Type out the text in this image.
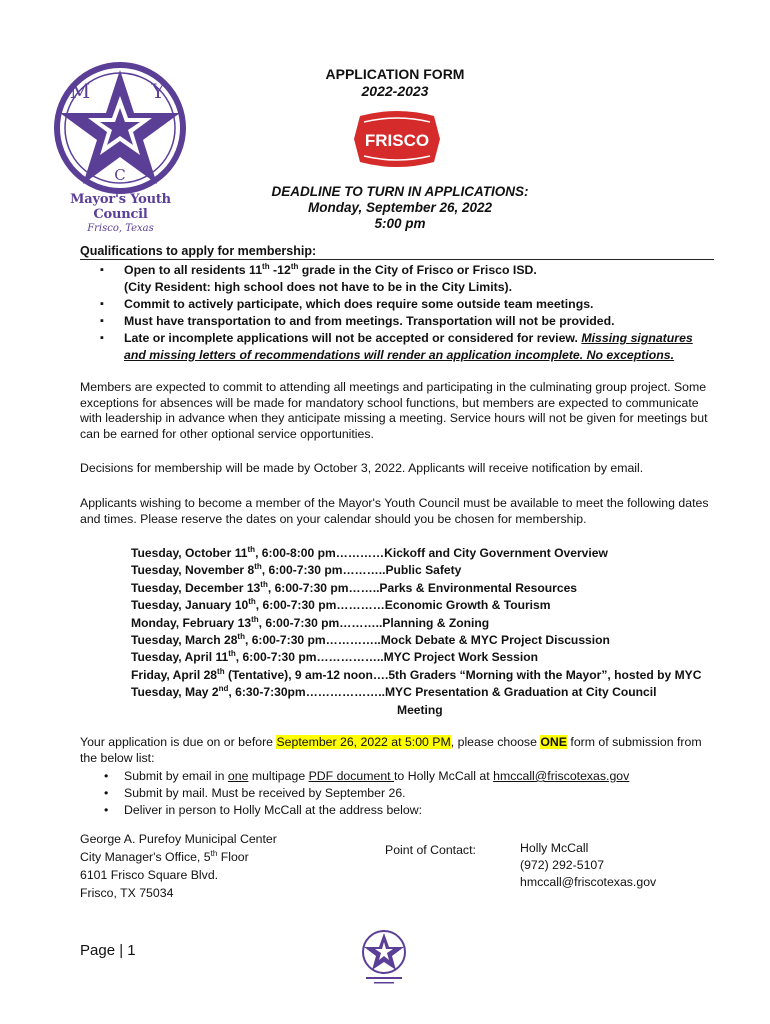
M	Y
C
Mayor's Youth Council
Frisco, Texas
APPLICATION FORM
2022-2023
FRISCO
DEADLINE TO TURN IN APPLICATIONS:
Monday, September 26, 2022
5:00 pm
Qualifications to apply for membership:
▪ Open to all residents 11th -12th grade in the City of Frisco or Frisco ISD.
(City Resident: high school does not have to be in the City Limits).
▪ Commit to actively participate, which does require some outside team meetings.
▪ Must have transportation to and from meetings. Transportation will not be provided.
▪ Late or incomplete applications will not be accepted or considered for review. Missing signatures
and missing letters of recommendations will render an application incomplete. No exceptions.
Members are expected to commit to attending all meetings and participating in the culminating group project. Some exceptions for absences will be made for mandatory school functions, but members are expected to communicate with leadership in advance when they anticipate missing a meeting. Service hours will not be given for meetings but can be earned for other optional service opportunities.
Decisions for membership will be made by October 3, 2022. Applicants will receive notification by email.
Applicants wishing to become a member of the Mayor's Youth Council must be available to meet the following dates and times. Please reserve the dates on your calendar should you be chosen for membership.
Tuesday, October 11th, 6:00-8:00 pm…………Kickoff and City Government Overview
Tuesday, November 8th, 6:00-7:30 pm………..Public Safety
Tuesday, December 13th, 6:00-7:30 pm……..Parks & Environmental Resources
Tuesday, January 10th, 6:00-7:30 pm…………Economic Growth & Tourism
Monday, February 13th, 6:00-7:30 pm………..Planning & Zoning
Tuesday, March 28th, 6:00-7:30 pm…………..Mock Debate & MYC Project Discussion
Tuesday, April 11th, 6:00-7:30 pm……………..MYC Project Work Session
Friday, April 28th (Tentative), 9 am-12 noon….5th Graders “Morning with the Mayor”, hosted by MYC
Tuesday, May 2nd, 6:30-7:30pm………………..MYC Presentation & Graduation at City Council
Meeting
Your application is due on or before September 26, 2022 at 5:00 PM, please choose ONE form of submission from the below list:
• Submit by email in one multipage PDF document to Holly McCall at hmccall@friscotexas.gov
• Submit by mail. Must be received by September 26.
• Deliver in person to Holly McCall at the address below:
George A. Purefoy Municipal Center
City Manager's Office, 5th Floor
6101 Frisco Square Blvd.
Frisco, TX 75034
Point of Contact:	Holly McCall
(972) 292-5107
hmccall@friscotexas.gov
Page | 1
